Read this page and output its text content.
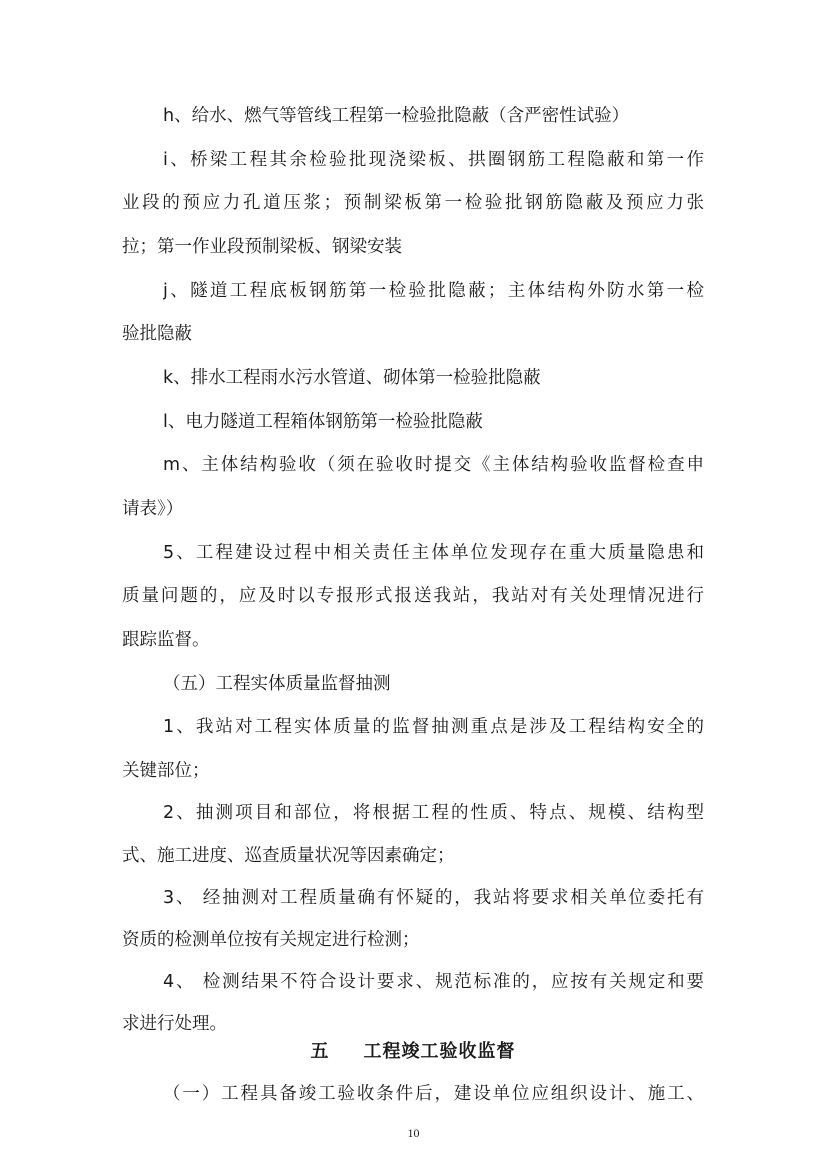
h、给水、燃气等管线工程第一检验批隐蔽（含严密性试验）
i、桥梁工程其余检验批现浇梁板、拱圈钢筋工程隐蔽和第一作
业段的预应力孔道压浆；预制梁板第一检验批钢筋隐蔽及预应力张
拉；第一作业段预制梁板、钢梁安装
j、隧道工程底板钢筋第一检验批隐蔽；主体结构外防水第一检
验批隐蔽
k、排水工程雨水污水管道、砌体第一检验批隐蔽
l、电力隧道工程箱体钢筋第一检验批隐蔽
m、主体结构验收（须在验收时提交《主体结构验收监督检查申
请表》）
5、工程建设过程中相关责任主体单位发现存在重大质量隐患和
质量问题的，应及时以专报形式报送我站，我站对有关处理情况进行
跟踪监督。
（五）工程实体质量监督抽测
1、我站对工程实体质量的监督抽测重点是涉及工程结构安全的
关键部位；
2、抽测项目和部位，将根据工程的性质、特点、规模、结构型
式、施工进度、巡查质量状况等因素确定；
3、 经抽测对工程质量确有怀疑的，我站将要求相关单位委托有
资质的检测单位按有关规定进行检测；
4、 检测结果不符合设计要求、规范标准的，应按有关规定和要
求进行处理。
五 工程竣工验收监督
（一）工程具备竣工验收条件后，建设单位应组织设计、施工、
10
